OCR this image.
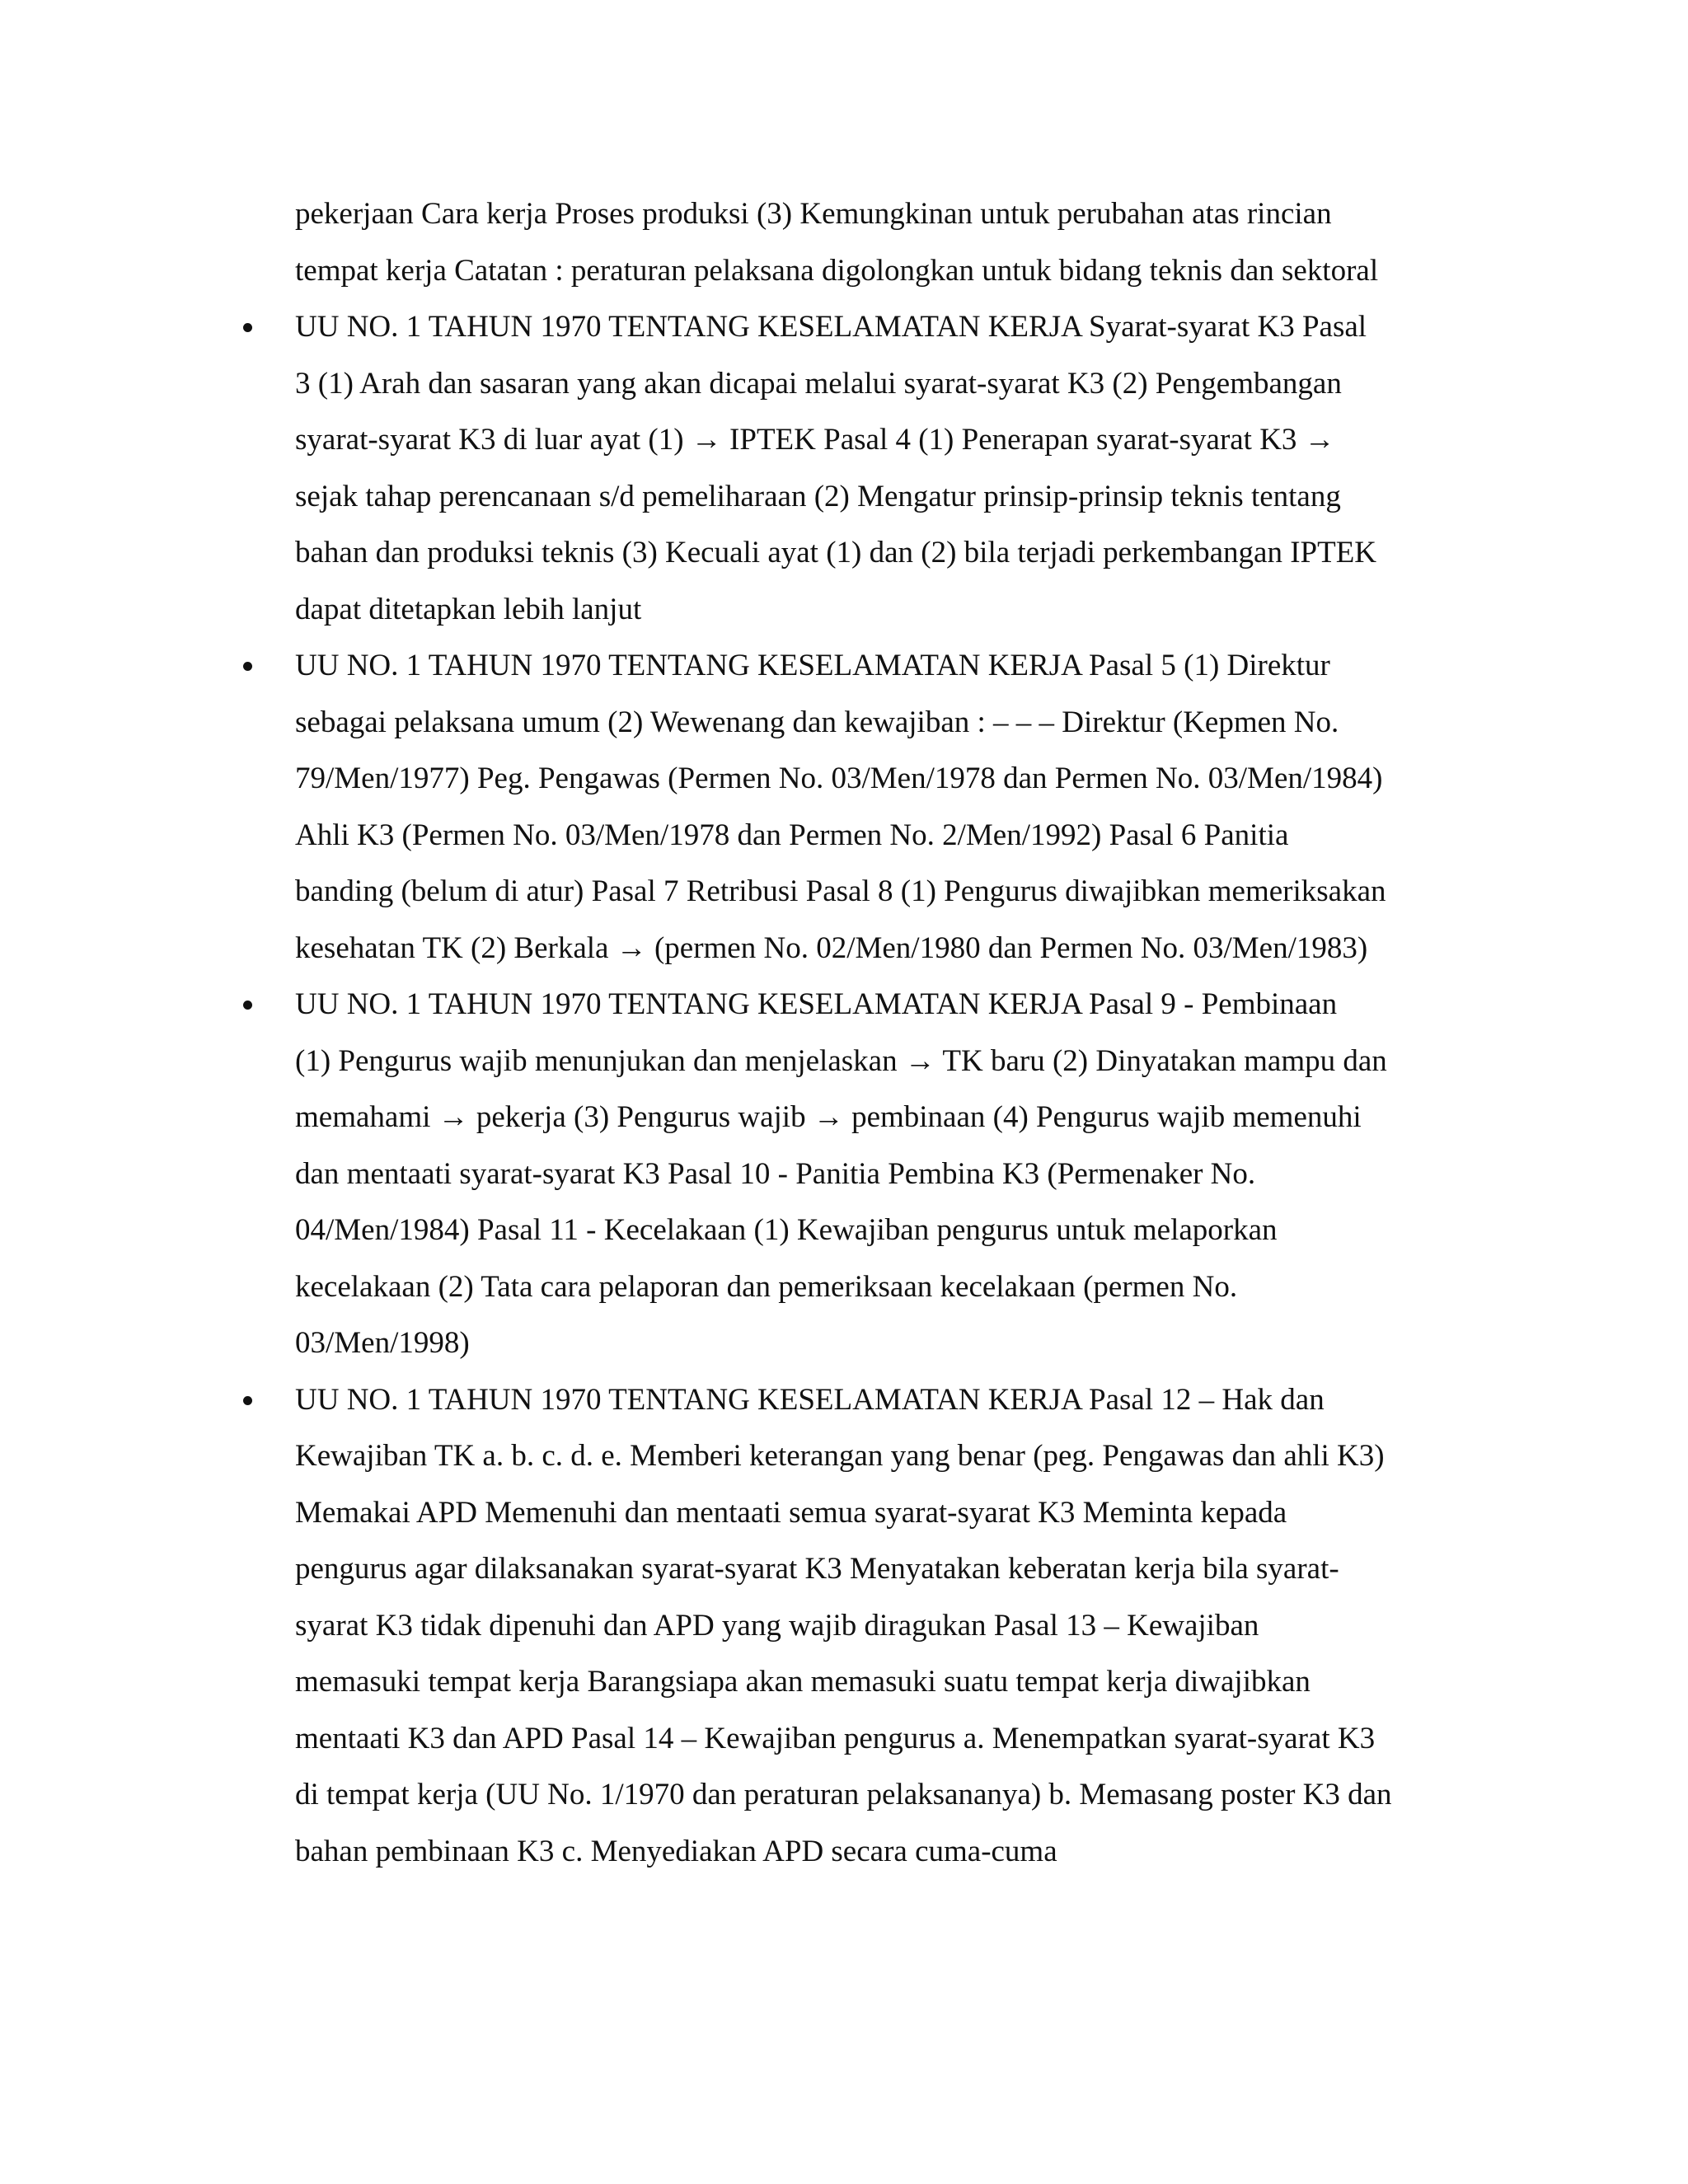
pekerjaan Cara kerja Proses produksi (3) Kemungkinan untuk perubahan atas rincian
tempat kerja Catatan : peraturan pelaksana digolongkan untuk bidang teknis dan sektoral
UU NO. 1 TAHUN 1970 TENTANG KESELAMATAN KERJA Syarat-syarat K3 Pasal
3 (1) Arah dan sasaran yang akan dicapai melalui syarat-syarat K3 (2) Pengembangan
syarat-syarat K3 di luar ayat (1) → IPTEK Pasal 4 (1) Penerapan syarat-syarat K3 →
sejak tahap perencanaan s/d pemeliharaan (2) Mengatur prinsip-prinsip teknis tentang
bahan dan produksi teknis (3) Kecuali ayat (1) dan (2) bila terjadi perkembangan IPTEK
dapat ditetapkan lebih lanjut
UU NO. 1 TAHUN 1970 TENTANG KESELAMATAN KERJA Pasal 5 (1) Direktur
sebagai pelaksana umum (2) Wewenang dan kewajiban : – – – Direktur (Kepmen No.
79/Men/1977) Peg. Pengawas (Permen No. 03/Men/1978 dan Permen No. 03/Men/1984)
Ahli K3 (Permen No. 03/Men/1978 dan Permen No. 2/Men/1992) Pasal 6 Panitia
banding (belum di atur) Pasal 7 Retribusi Pasal 8 (1) Pengurus diwajibkan memeriksakan
kesehatan TK (2) Berkala → (permen No. 02/Men/1980 dan Permen No. 03/Men/1983)
UU NO. 1 TAHUN 1970 TENTANG KESELAMATAN KERJA Pasal 9 - Pembinaan
(1) Pengurus wajib menunjukan dan menjelaskan → TK baru (2) Dinyatakan mampu dan
memahami → pekerja (3) Pengurus wajib → pembinaan (4) Pengurus wajib memenuhi
dan mentaati syarat-syarat K3 Pasal 10 - Panitia Pembina K3 (Permenaker No.
04/Men/1984) Pasal 11 - Kecelakaan (1) Kewajiban pengurus untuk melaporkan
kecelakaan (2) Tata cara pelaporan dan pemeriksaan kecelakaan (permen No.
03/Men/1998)
UU NO. 1 TAHUN 1970 TENTANG KESELAMATAN KERJA Pasal 12 – Hak dan
Kewajiban TK a. b. c. d. e. Memberi keterangan yang benar (peg. Pengawas dan ahli K3)
Memakai APD Memenuhi dan mentaati semua syarat-syarat K3 Meminta kepada
pengurus agar dilaksanakan syarat-syarat K3 Menyatakan keberatan kerja bila syarat-
syarat K3 tidak dipenuhi dan APD yang wajib diragukan Pasal 13 – Kewajiban
memasuki tempat kerja Barangsiapa akan memasuki suatu tempat kerja diwajibkan
mentaati K3 dan APD Pasal 14 – Kewajiban pengurus a. Menempatkan syarat-syarat K3
di tempat kerja (UU No. 1/1970 dan peraturan pelaksananya) b. Memasang poster K3 dan
bahan pembinaan K3 c. Menyediakan APD secara cuma-cuma
